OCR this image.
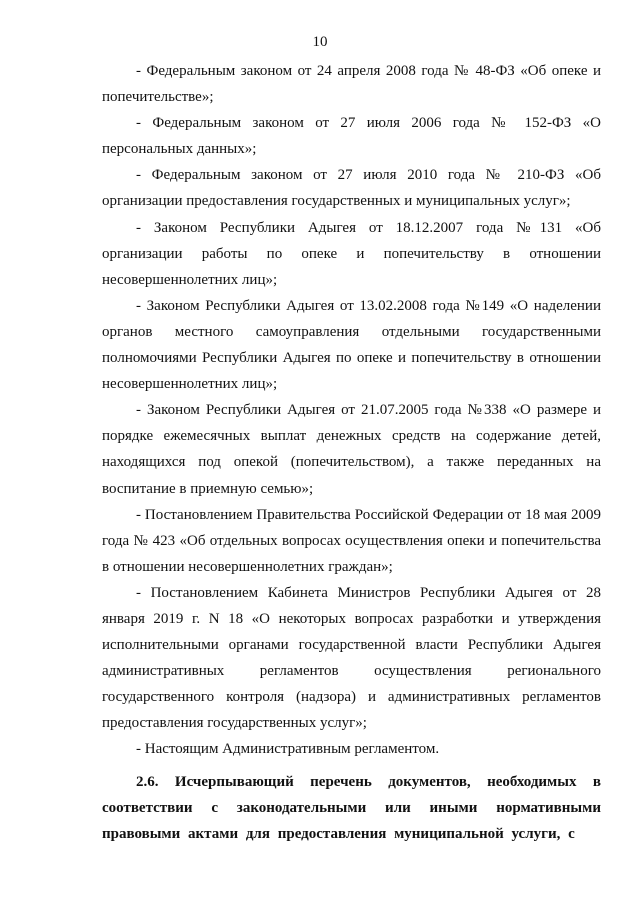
10

- Федеральным законом от 24 апреля 2008 года № 48-ФЗ «Об опеке и попечительстве»;

- Федеральным законом от 27 июля 2006 года № 152-ФЗ «О персональных данных»;

- Федеральным законом от 27 июля 2010 года № 210-ФЗ «Об организации предоставления государственных и муниципальных услуг»;

- Законом Республики Адыгея от 18.12.2007 года №131 «Об организации работы по опеке и попечительству в отношении несовершеннолетних лиц»;

- Законом Республики Адыгея от 13.02.2008 года №149 «О наделении органов местного самоуправления отдельными государственными полномочиями Республики Адыгея по опеке и попечительству в отношении несовершеннолетних лиц»;

- Законом Республики Адыгея от 21.07.2005 года №338 «О размере и порядке ежемесячных выплат денежных средств на содержание детей, находящихся под опекой (попечительством), а также переданных на воспитание в приемную семью»;

- Постановлением Правительства Российской Федерации от 18 мая 2009 года № 423 «Об отдельных вопросах осуществления опеки и попечительства в отношении несовершеннолетних граждан»;

- Постановлением Кабинета Министров Республики Адыгея от 28 января 2019 г. N 18 «О некоторых вопросах разработки и утверждения исполнительными органами государственной власти Республики Адыгея административных регламентов осуществления регионального государственного контроля (надзора) и административных регламентов предоставления государственных услуг»;

- Настоящим Административным регламентом.

2.6. Исчерпывающий перечень документов, необходимых в соответствии с законодательными или иными нормативными правовыми актами для предоставления муниципальной услуги, с
